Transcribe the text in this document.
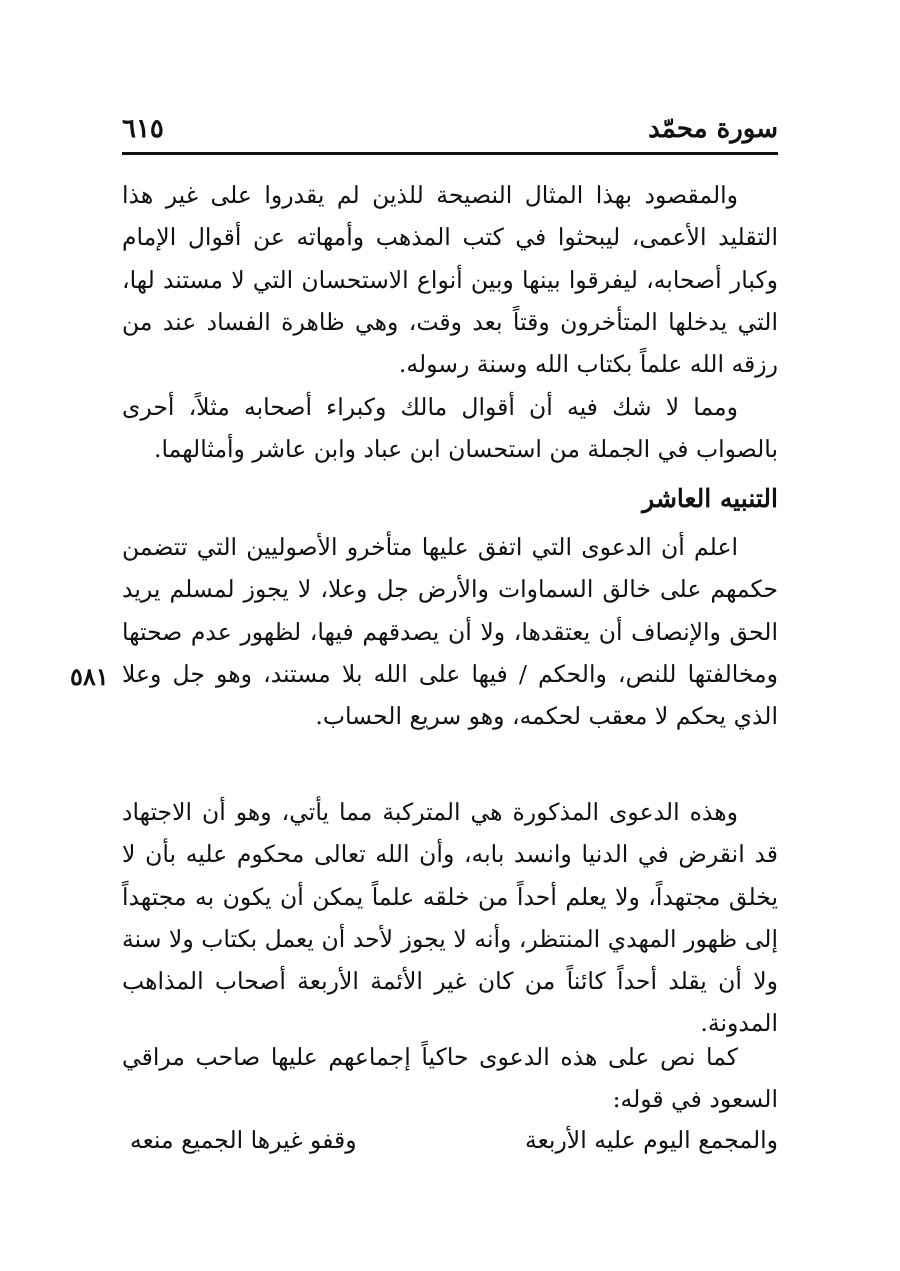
سورة محمّد
٦١٥

والمقصود بهذا المثال النصيحة للذين لم يقدروا على غير هذا التقليد الأعمى، ليبحثوا في كتب المذهب وأمهاته عن أقوال الإمام وكبار أصحابه، ليفرقوا بينها وبين أنواع الاستحسان التي لا مستند لها، التي يدخلها المتأخرون وقتاً بعد وقت، وهي ظاهرة الفساد عند من رزقه الله علماً بكتاب الله وسنة رسوله.

ومما لا شك فيه أن أقوال مالك وكبراء أصحابه مثلاً، أحرى بالصواب في الجملة من استحسان ابن عباد وابن عاشر وأمثالهما.

التنبيه العاشر

اعلم أن الدعوى التي اتفق عليها متأخرو الأصوليين التي تتضمن حكمهم على خالق السماوات والأرض جل وعلا، لا يجوز لمسلم يريد الحق والإنصاف أن يعتقدها، ولا أن يصدقهم فيها، لظهور عدم صحتها ومخالفتها للنص، والحكم / فيها على الله بلا مستند، وهو جل وعلا الذي يحكم لا معقب لحكمه، وهو سريع الحساب.

وهذه الدعوى المذكورة هي المتركبة مما يأتي، وهو أن الاجتهاد قد انقرض في الدنيا وانسد بابه، وأن الله تعالى محكوم عليه بأن لا يخلق مجتهداً، ولا يعلم أحداً من خلقه علماً يمكن أن يكون به مجتهداً إلى ظهور المهدي المنتظر، وأنه لا يجوز لأحد أن يعمل بكتاب ولا سنة ولا أن يقلد أحداً كائناً من كان غير الأئمة الأربعة أصحاب المذاهب المدونة.

كما نص على هذه الدعوى حاكياً إجماعهم عليها صاحب مراقي السعود في قوله:

٥٨١
والمجمع اليوم عليه الأربعة
وقفو غيرها الجميع منعه
